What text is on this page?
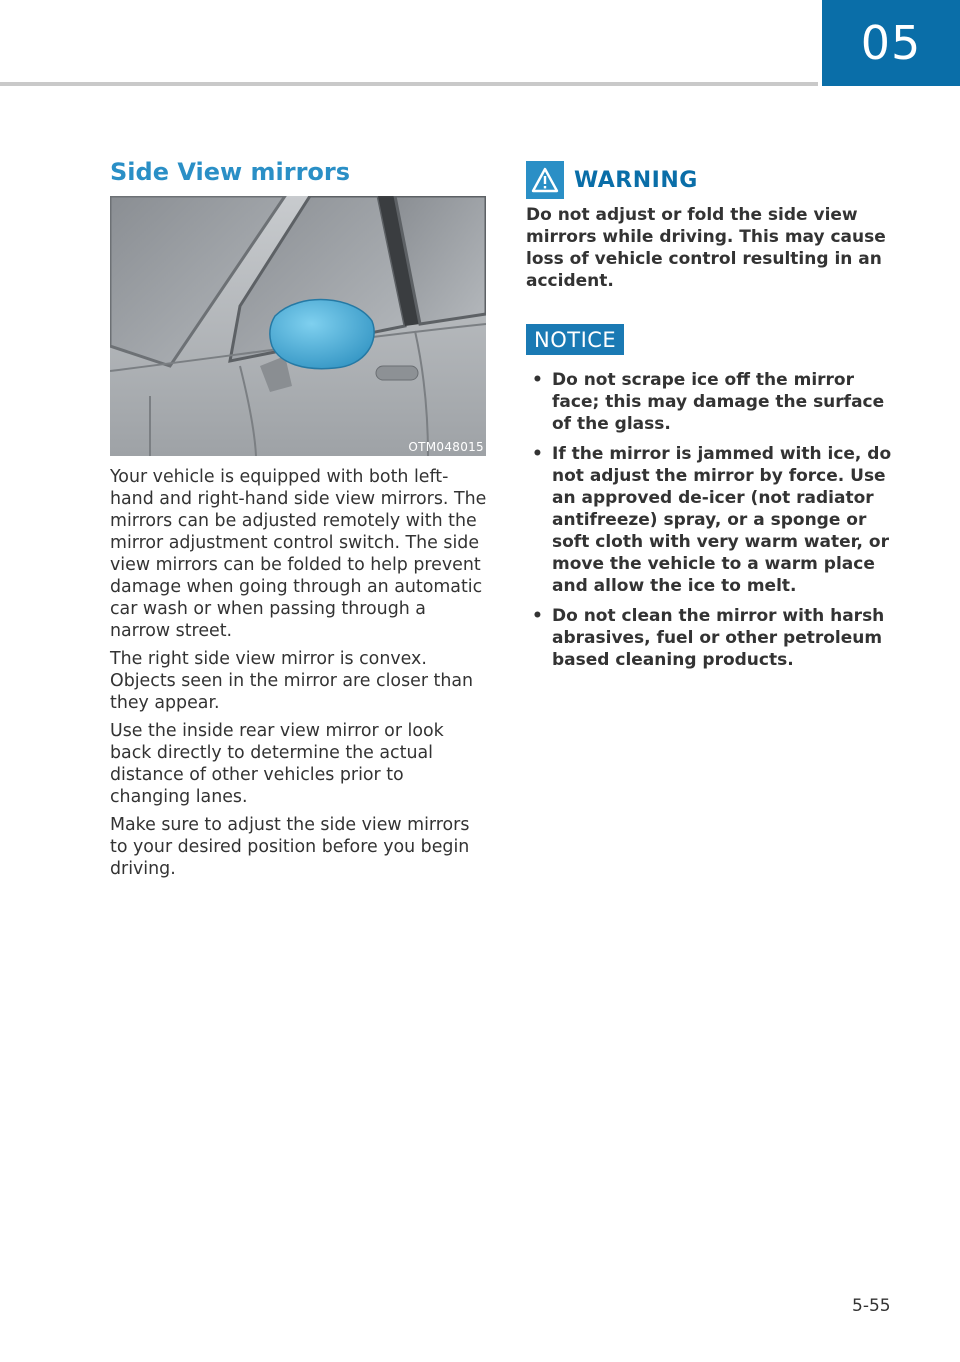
05
Side View mirrors
OTM048015

Your vehicle is equipped with both left-hand and right-hand side view mirrors. The mirrors can be adjusted remotely with the mirror adjustment control switch. The side view mirrors can be folded to help prevent damage when going through an automatic car wash or when passing through a narrow street.

The right side view mirror is convex. Objects seen in the mirror are closer than they appear.

Use the inside rear view mirror or look back directly to determine the actual distance of other vehicles prior to changing lanes.

Make sure to adjust the side view mirrors to your desired position before you begin driving.

WARNING

Do not adjust or fold the side view mirrors while driving. This may cause loss of vehicle control resulting in an accident.

NOTICE
• Do not scrape ice off the mirror face; this may damage the surface of the glass.
• If the mirror is jammed with ice, do not adjust the mirror by force. Use an approved de-icer (not radiator antifreeze) spray, or a sponge or soft cloth with very warm water, or move the vehicle to a warm place and allow the ice to melt.
• Do not clean the mirror with harsh abrasives, fuel or other petroleum based cleaning products.
5-55
